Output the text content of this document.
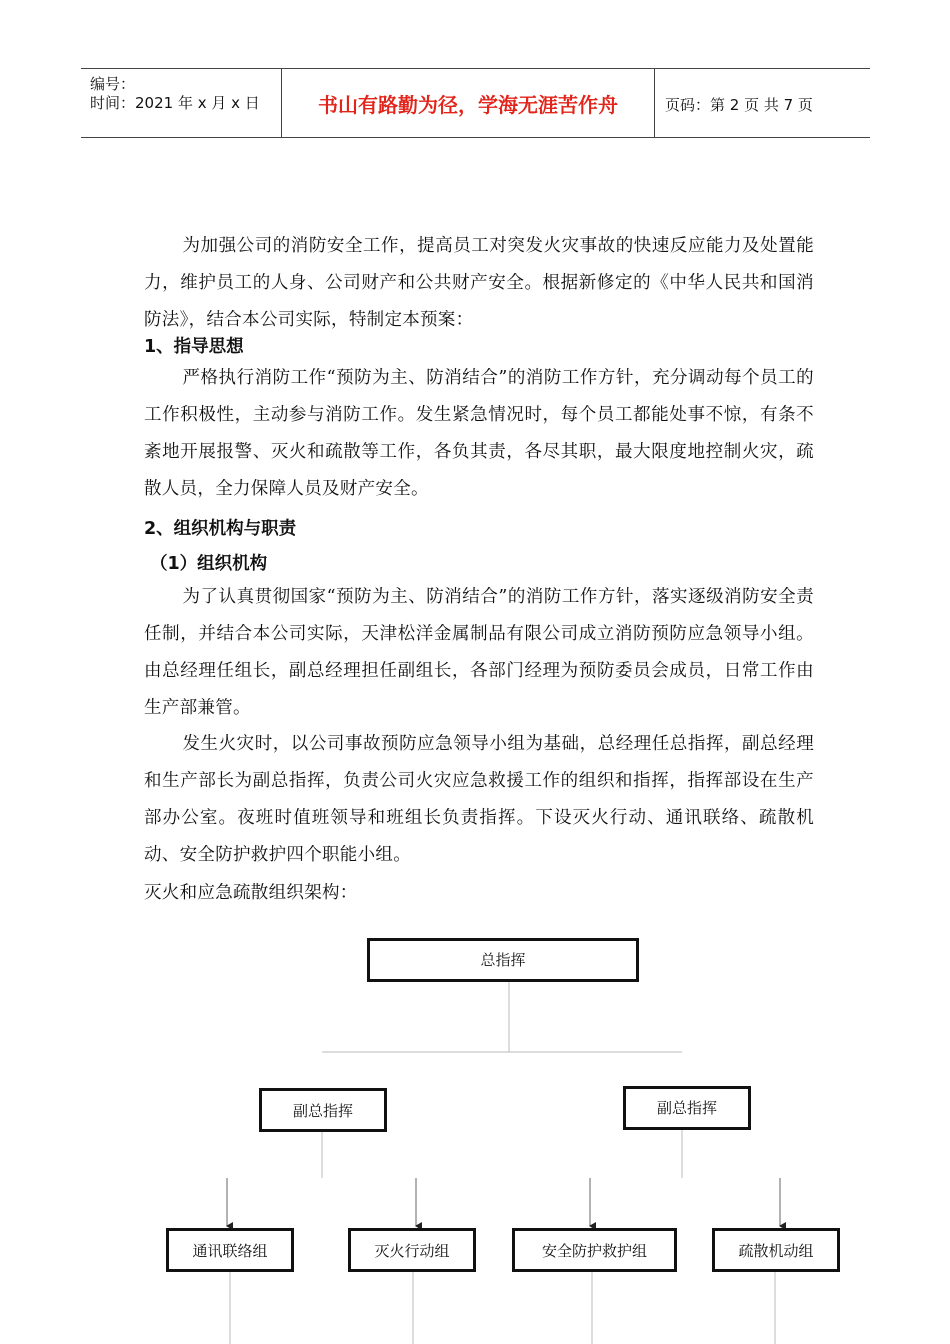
编号：
时间：2021 年 x 月 x 日	书山有路勤为径，学海无涯苦作舟	页码：第 2 页 共 7 页

为加强公司的消防安全工作，提高员工对突发火灾事故的快速反应能力及处置能力，维护员工的人身、公司财产和公共财产安全。根据新修定的《中华人民共和国消防法》，结合本公司实际，特制定本预案：

1、指导思想

严格执行消防工作“预防为主、防消结合”的消防工作方针，充分调动每个员工的工作积极性，主动参与消防工作。发生紧急情况时，每个员工都能处事不惊，有条不紊地开展报警、灭火和疏散等工作，各负其责，各尽其职，最大限度地控制火灾，疏散人员，全力保障人员及财产安全。

2、组织机构与职责
（1）组织机构

为了认真贯彻国家“预防为主、防消结合”的消防工作方针，落实逐级消防安全责任制，并结合本公司实际，天津松洋金属制品有限公司成立消防预防应急领导小组。由总经理任组长，副总经理担任副组长，各部门经理为预防委员会成员，日常工作由生产部兼管。

发生火灾时，以公司事故预防应急领导小组为基础，总经理任总指挥，副总经理和生产部长为副总指挥，负责公司火灾应急救援工作的组织和指挥，指挥部设在生产部办公室。夜班时值班领导和班组长负责指挥。下设灭火行动、通讯联络、疏散机动、安全防护救护四个职能小组。

灭火和应急疏散组织架构：

总指挥
副总指挥	副总指挥
通讯联络组	灭火行动组	安全防护救护组	疏散机动组
